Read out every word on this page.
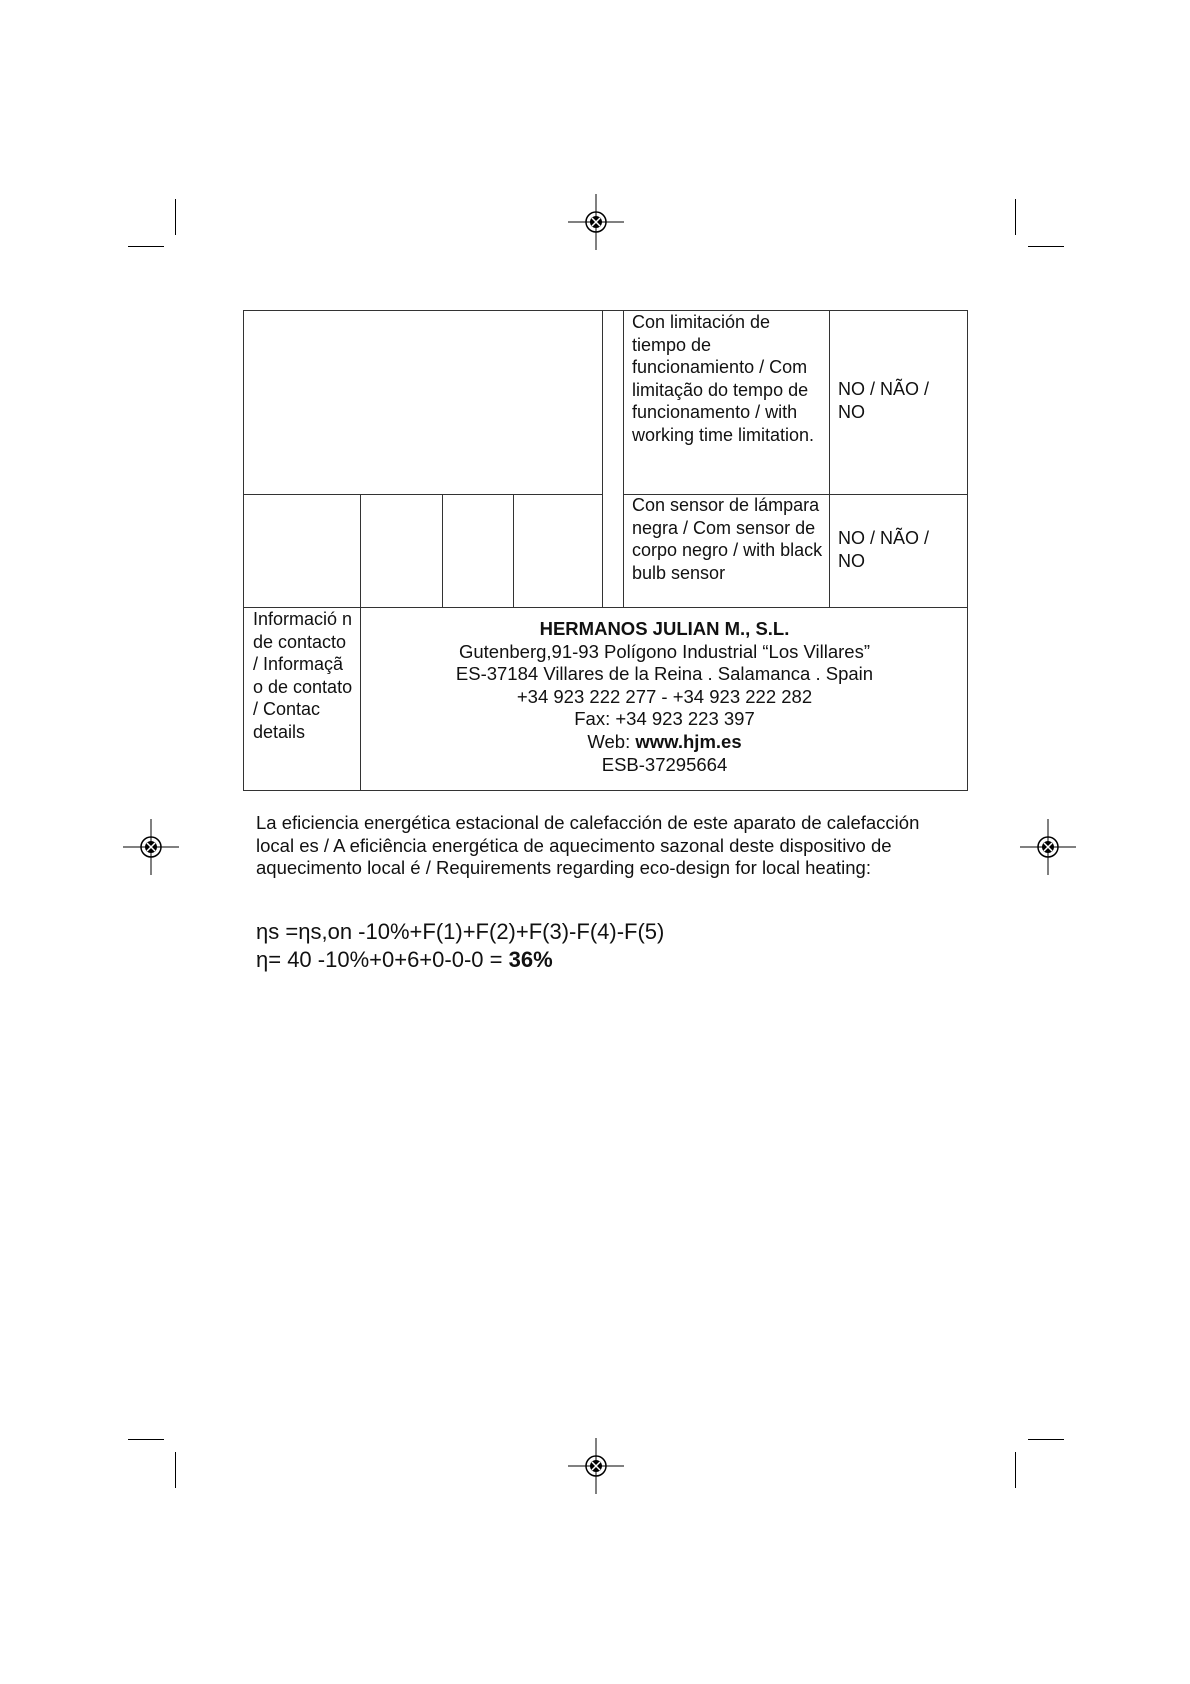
Con limitación de tiempo de funcionamiento / Com limitação do tempo de funcionamento / with working time limitation.
NO / NÃO / NO
Con sensor de lámpara negra / Com sensor de corpo negro / with black bulb sensor
NO / NÃO / NO
Informació n de contacto / Informaçã o de contato / Contac details
HERMANOS JULIAN M., S.L.
Gutenberg,91-93 Polígono Industrial “Los Villares”
ES-37184 Villares de la Reina . Salamanca . Spain
+34 923 222 277 - +34 923 222 282
Fax: +34 923 223 397
Web: www.hjm.es
ESB-37295664
La eficiencia energética estacional de calefacción de este aparato de calefacción local es / A eficiência energética de aquecimento sazonal deste dispositivo de aquecimento local é / Requirements regarding eco-design for local heating:
ηs =ηs,on -10%+F(1)+F(2)+F(3)-F(4)-F(5)
η= 40 -10%+0+6+0-0-0 = 36%
